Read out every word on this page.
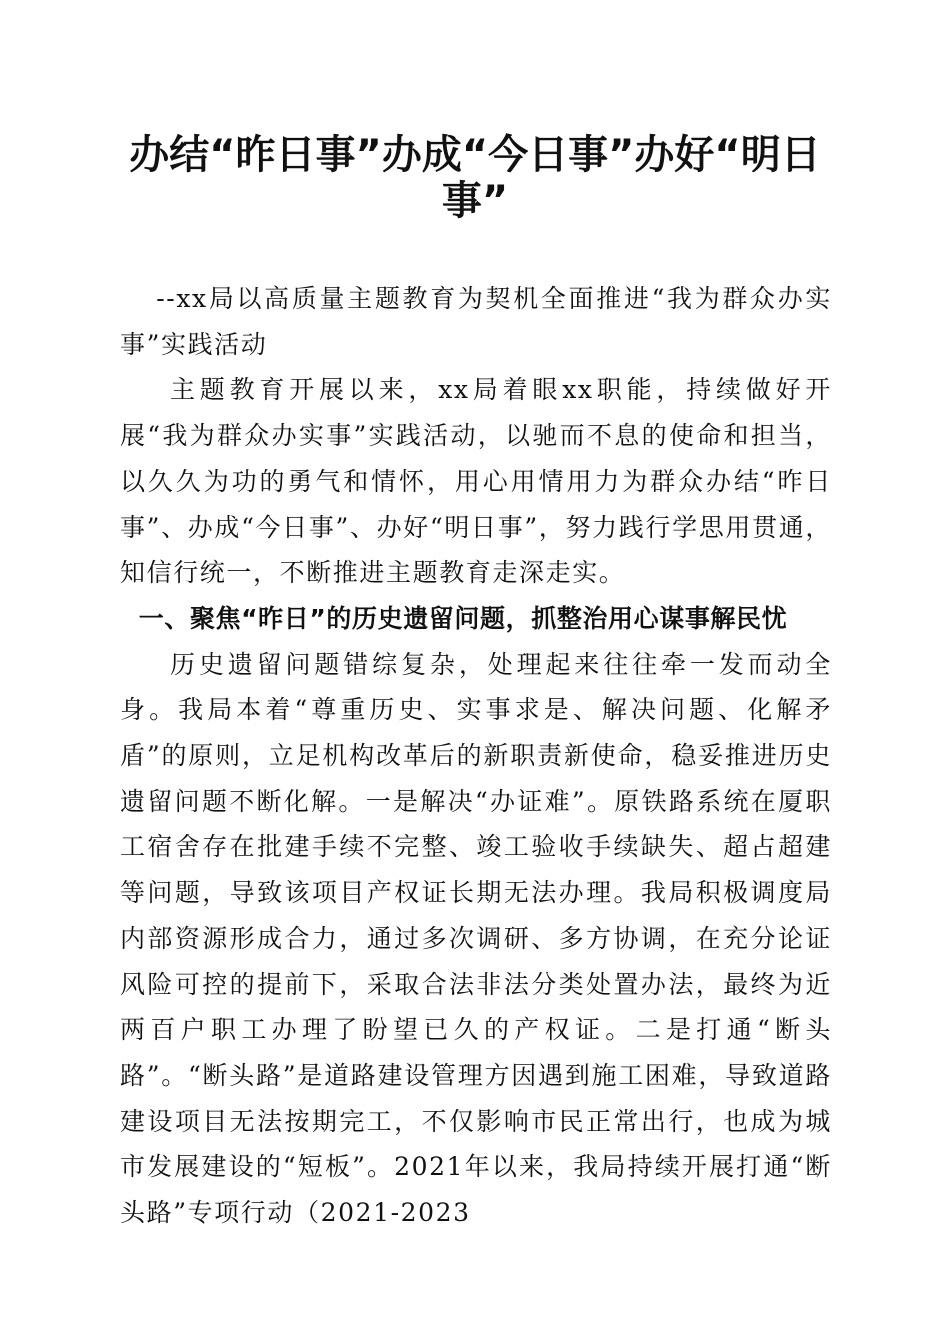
办结“昨日事”办成“今日事”办好“明日事”

--xx局以高质量主题教育为契机全面推进“我为群众办实事”实践活动

主题教育开展以来，xx局着眼xx职能，持续做好开展“我为群众办实事”实践活动，以驰而不息的使命和担当，以久久为功的勇气和情怀，用心用情用力为群众办结“昨日事”、办成“今日事”、办好“明日事”，努力践行学思用贯通，知信行统一，不断推进主题教育走深走实。

一、聚焦“昨日”的历史遗留问题，抓整治用心谋事解民忧

历史遗留问题错综复杂，处理起来往往牵一发而动全身。我局本着“尊重历史、实事求是、解决问题、化解矛盾”的原则，立足机构改革后的新职责新使命，稳妥推进历史遗留问题不断化解。一是解决“办证难”。原铁路系统在厦职工宿舍存在批建手续不完整、竣工验收手续缺失、超占超建等问题，导致该项目产权证长期无法办理。我局积极调度局内部资源形成合力，通过多次调研、多方协调，在充分论证风险可控的提前下，采取合法非法分类处置办法，最终为近两百户职工办理了盼望已久的产权证。二是打通“断头路”。“断头路”是道路建设管理方因遇到施工困难，导致道路建设项目无法按期完工，不仅影响市民正常出行，也成为城市发展建设的“短板”。2021年以来，我局持续开展打通“断头路”专项行动（2021-2023
